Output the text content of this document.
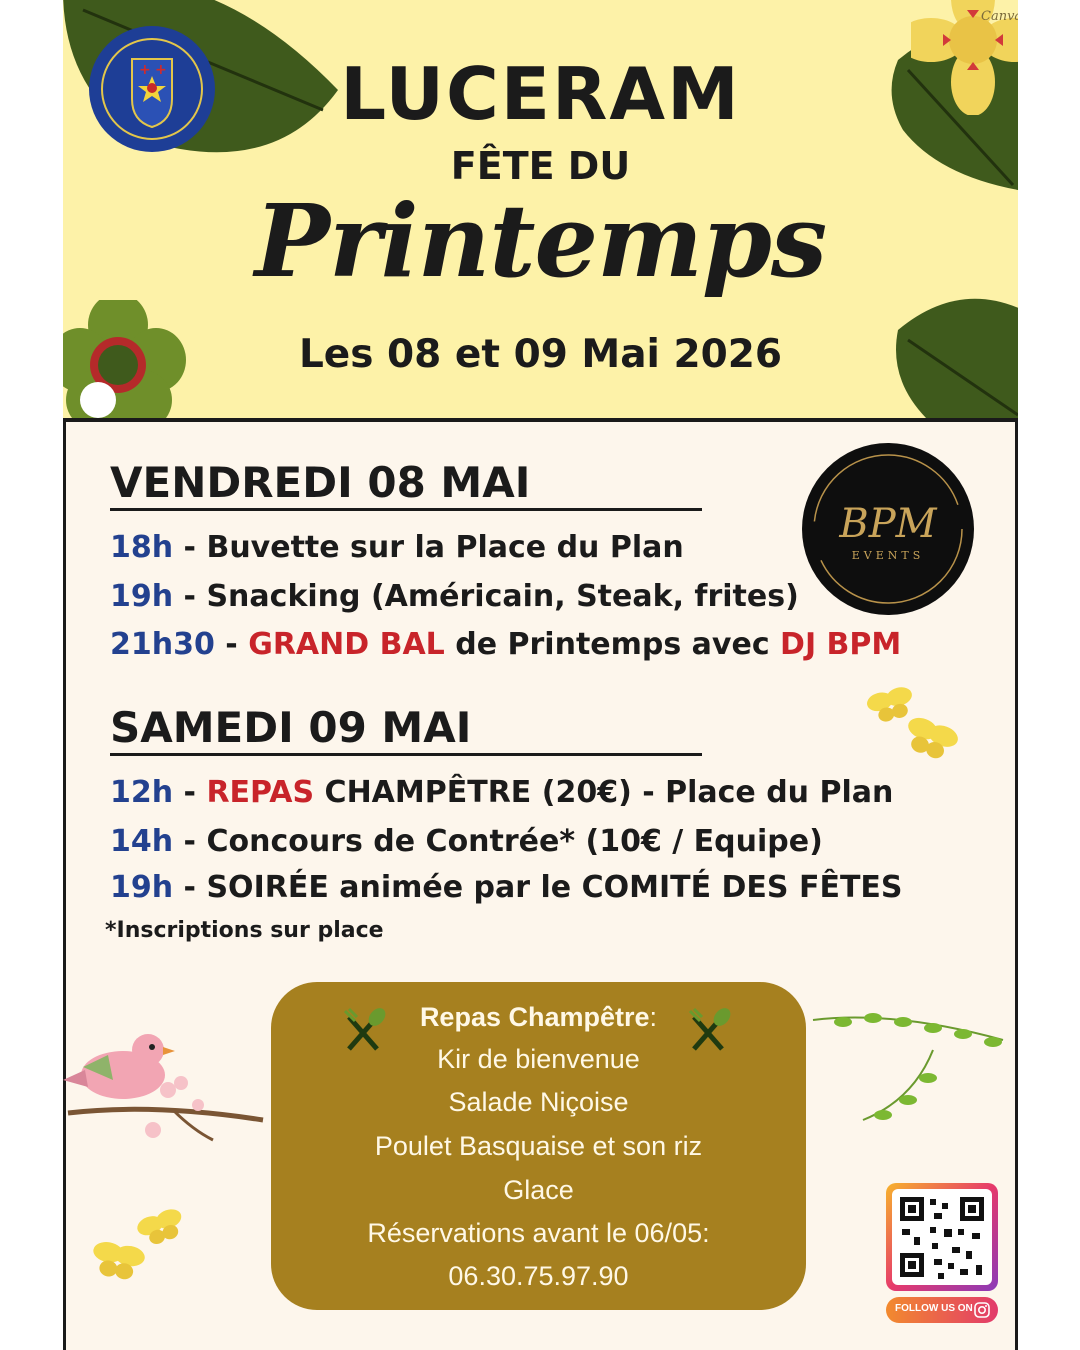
Canva
+ +	LUCERAM
FÊTE DU
Printemps
Les 08 et 09 Mai 2026
VENDREDI 08 MAI
18h - Buvette sur la Place du Plan
19h - Snacking (Américain, Steak, frites)
21h30 - GRAND BAL de Printemps avec DJ BPM
BPM
EVENTS
SAMEDI 09 MAI
12h - REPAS CHAMPÊTRE (20€) - Place du Plan
14h - Concours de Contrée* (10€ / Equipe)
19h - SOIRÉE animée par le COMITÉ DES FÊTES
*Inscriptions sur place
Repas Champêtre:
Kir de bienvenue
Salade Niçoise
Poulet Basquaise et son riz
Glace
Réservations avant le 06/05:
06.30.75.97.90
FOLLOW US ON
